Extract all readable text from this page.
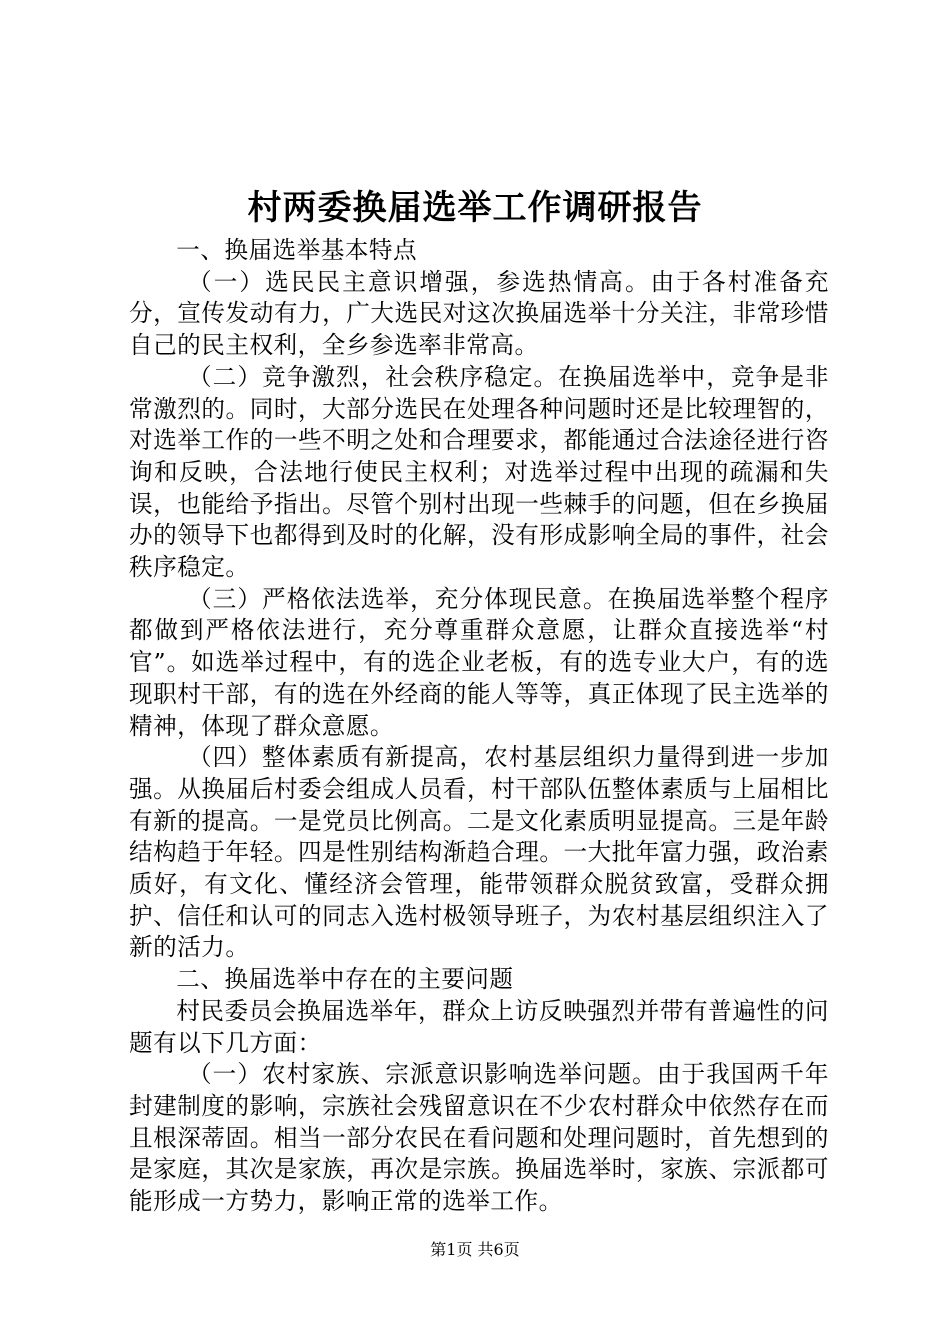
村两委换届选举工作调研报告

一、换届选举基本特点

（一）选民民主意识增强，参选热情高。由于各村准备充分，宣传发动有力，广大选民对这次换届选举十分关注，非常珍惜自己的民主权利，全乡参选率非常高。

（二）竞争激烈，社会秩序稳定。在换届选举中，竞争是非常激烈的。同时，大部分选民在处理各种问题时还是比较理智的，对选举工作的一些不明之处和合理要求，都能通过合法途径进行咨询和反映，合法地行使民主权利；对选举过程中出现的疏漏和失误，也能给予指出。尽管个别村出现一些棘手的问题，但在乡换届办的领导下也都得到及时的化解，没有形成影响全局的事件，社会秩序稳定。

（三）严格依法选举，充分体现民意。在换届选举整个程序都做到严格依法进行，充分尊重群众意愿，让群众直接选举“村官”。如选举过程中，有的选企业老板，有的选专业大户，有的选现职村干部，有的选在外经商的能人等等，真正体现了民主选举的精神，体现了群众意愿。

（四）整体素质有新提高，农村基层组织力量得到进一步加强。从换届后村委会组成人员看，村干部队伍整体素质与上届相比有新的提高。一是党员比例高。二是文化素质明显提高。三是年龄结构趋于年轻。四是性别结构渐趋合理。一大批年富力强，政治素质好，有文化、懂经济会管理，能带领群众脱贫致富，受群众拥护、信任和认可的同志入选村极领导班子，为农村基层组织注入了新的活力。

二、换届选举中存在的主要问题

村民委员会换届选举年，群众上访反映强烈并带有普遍性的问题有以下几方面：

（一）农村家族、宗派意识影响选举问题。由于我国两千年封建制度的影响，宗族社会残留意识在不少农村群众中依然存在而且根深蒂固。相当一部分农民在看问题和处理问题时，首先想到的是家庭，其次是家族，再次是宗族。换届选举时，家族、宗派都可能形成一方势力，影响正常的选举工作。

第1页 共6页
